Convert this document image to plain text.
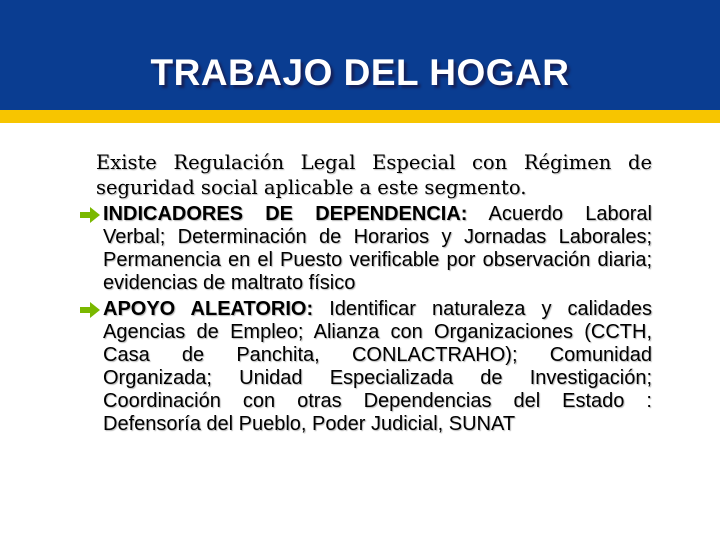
TRABAJO DEL HOGAR

Existe Regulación Legal Especial con Régimen de seguridad social aplicable a este segmento.

INDICADORES DE DEPENDENCIA: Acuerdo Laboral Verbal; Determinación de Horarios y Jornadas Laborales; Permanencia en el Puesto verificable por observación diaria; evidencias de maltrato físico
APOYO ALEATORIO: Identificar naturaleza y calidades Agencias de Empleo; Alianza con Organizaciones (CCTH, Casa de Panchita, CONLACTRAHO); Comunidad Organizada; Unidad Especializada de Investigación; Coordinación con otras Dependencias del Estado : Defensoría del Pueblo, Poder Judicial, SUNAT
